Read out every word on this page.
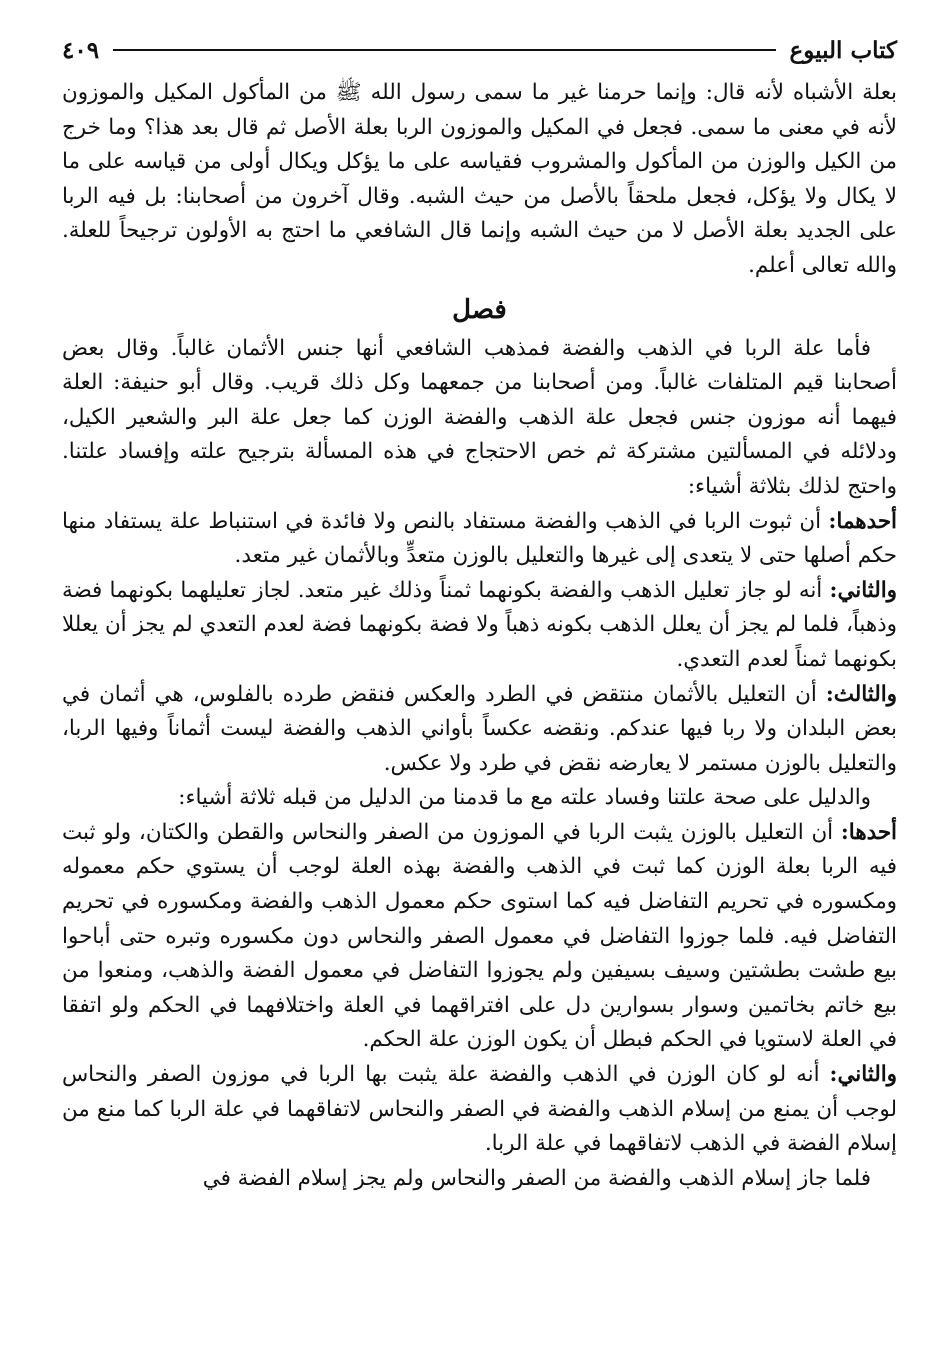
كتاب البيوع
٤٠٩

بعلة الأشباه لأنه قال: وإنما حرمنا غير ما سمى رسول الله ﷺ من المأكول المكيل والموزون لأنه في معنى ما سمى. فجعل في المكيل والموزون الربا بعلة الأصل ثم قال بعد هذا؟ وما خرج من الكيل والوزن من المأكول والمشروب فقياسه على ما يؤكل ويكال أولى من قياسه على ما لا يكال ولا يؤكل، فجعل ملحقاً بالأصل من حيث الشبه. وقال آخرون من أصحابنا: بل فيه الربا على الجديد بعلة الأصل لا من حيث الشبه وإنما قال الشافعي ما احتج به الأولون ترجيحاً للعلة. والله تعالى أعلم.

فصل

فأما علة الربا في الذهب والفضة فمذهب الشافعي أنها جنس الأثمان غالباً. وقال بعض أصحابنا قيم المتلفات غالباً. ومن أصحابنا من جمعهما وكل ذلك قريب. وقال أبو حنيفة: العلة فيهما أنه موزون جنس فجعل علة الذهب والفضة الوزن كما جعل علة البر والشعير الكيل، ودلائله في المسألتين مشتركة ثم خص الاحتجاج في هذه المسألة بترجيح علته وإفساد علتنا. واحتج لذلك بثلاثة أشياء:

أحدهما: أن ثبوت الربا في الذهب والفضة مستفاد بالنص ولا فائدة في استنباط علة يستفاد منها حكم أصلها حتى لا يتعدى إلى غيرها والتعليل بالوزن متعدٍّ وبالأثمان غير متعد.

والثاني: أنه لو جاز تعليل الذهب والفضة بكونهما ثمناً وذلك غير متعد. لجاز تعليلهما بكونهما فضة وذهباً، فلما لم يجز أن يعلل الذهب بكونه ذهباً ولا فضة بكونهما فضة لعدم التعدي لم يجز أن يعللا بكونهما ثمناً لعدم التعدي.

والثالث: أن التعليل بالأثمان منتقض في الطرد والعكس فنقض طرده بالفلوس، هي أثمان في بعض البلدان ولا ربا فيها عندكم. ونقضه عكساً بأواني الذهب والفضة ليست أثماناً وفيها الربا، والتعليل بالوزن مستمر لا يعارضه نقض في طرد ولا عكس.

والدليل على صحة علتنا وفساد علته مع ما قدمنا من الدليل من قبله ثلاثة أشياء:

أحدها: أن التعليل بالوزن يثبت الربا في الموزون من الصفر والنحاس والقطن والكتان، ولو ثبت فيه الربا بعلة الوزن كما ثبت في الذهب والفضة بهذه العلة لوجب أن يستوي حكم معموله ومكسوره في تحريم التفاضل فيه كما استوى حكم معمول الذهب والفضة ومكسوره في تحريم التفاضل فيه. فلما جوزوا التفاضل في معمول الصفر والنحاس دون مكسوره وتبره حتى أباحوا بيع طشت بطشتين وسيف بسيفين ولم يجوزوا التفاضل في معمول الفضة والذهب، ومنعوا من بيع خاتم بخاتمين وسوار بسوارين دل على افتراقهما في العلة واختلافهما في الحكم ولو اتفقا في العلة لاستويا في الحكم فبطل أن يكون الوزن علة الحكم.

والثاني: أنه لو كان الوزن في الذهب والفضة علة يثبت بها الربا في موزون الصفر والنحاس لوجب أن يمنع من إسلام الذهب والفضة في الصفر والنحاس لاتفاقهما في علة الربا كما منع من إسلام الفضة في الذهب لاتفاقهما في علة الربا.

فلما جاز إسلام الذهب والفضة من الصفر والنحاس ولم يجز إسلام الفضة في
